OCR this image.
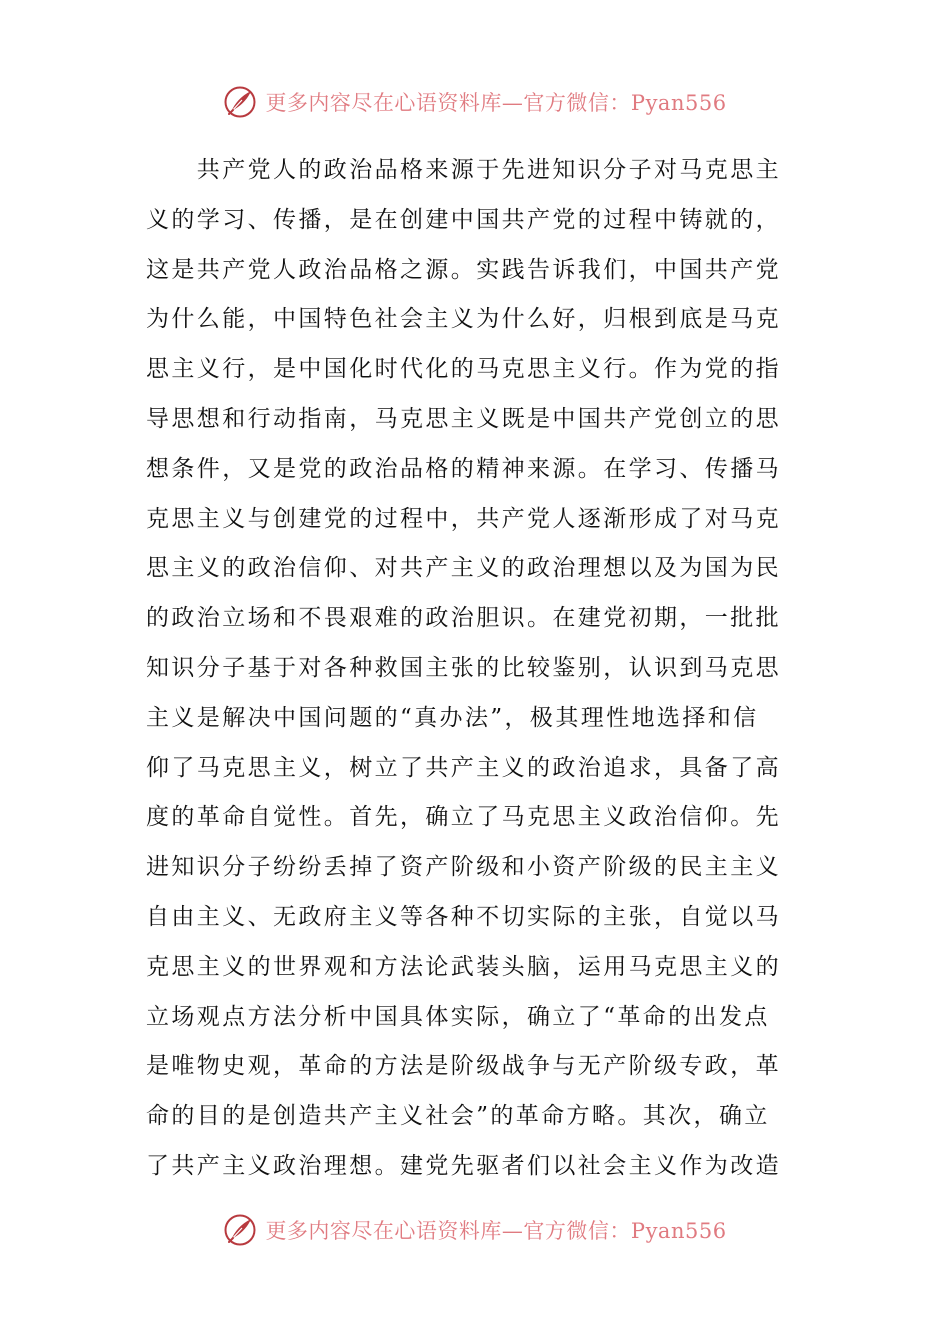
更多内容尽在心语资料库—官方微信：Pyan556
　　共产党人的政治品格来源于先进知识分子对马克思主
义的学习、传播，是在创建中国共产党的过程中铸就的，
这是共产党人政治品格之源。实践告诉我们，中国共产党
为什么能，中国特色社会主义为什么好，归根到底是马克
思主义行，是中国化时代化的马克思主义行。作为党的指
导思想和行动指南，马克思主义既是中国共产党创立的思
想条件，又是党的政治品格的精神来源。在学习、传播马
克思主义与创建党的过程中，共产党人逐渐形成了对马克
思主义的政治信仰、对共产主义的政治理想以及为国为民
的政治立场和不畏艰难的政治胆识。在建党初期，一批批
知识分子基于对各种救国主张的比较鉴别，认识到马克思
主义是解决中国问题的“真办法”，极其理性地选择和信
仰了马克思主义，树立了共产主义的政治追求，具备了高
度的革命自觉性。首先，确立了马克思主义政治信仰。先
进知识分子纷纷丢掉了资产阶级和小资产阶级的民主主义
自由主义、无政府主义等各种不切实际的主张，自觉以马
克思主义的世界观和方法论武装头脑，运用马克思主义的
立场观点方法分析中国具体实际，确立了“革命的出发点
是唯物史观，革命的方法是阶级战争与无产阶级专政，革
命的目的是创造共产主义社会”的革命方略。其次，确立
了共产主义政治理想。建党先驱者们以社会主义作为改造
更多内容尽在心语资料库—官方微信：Pyan556
